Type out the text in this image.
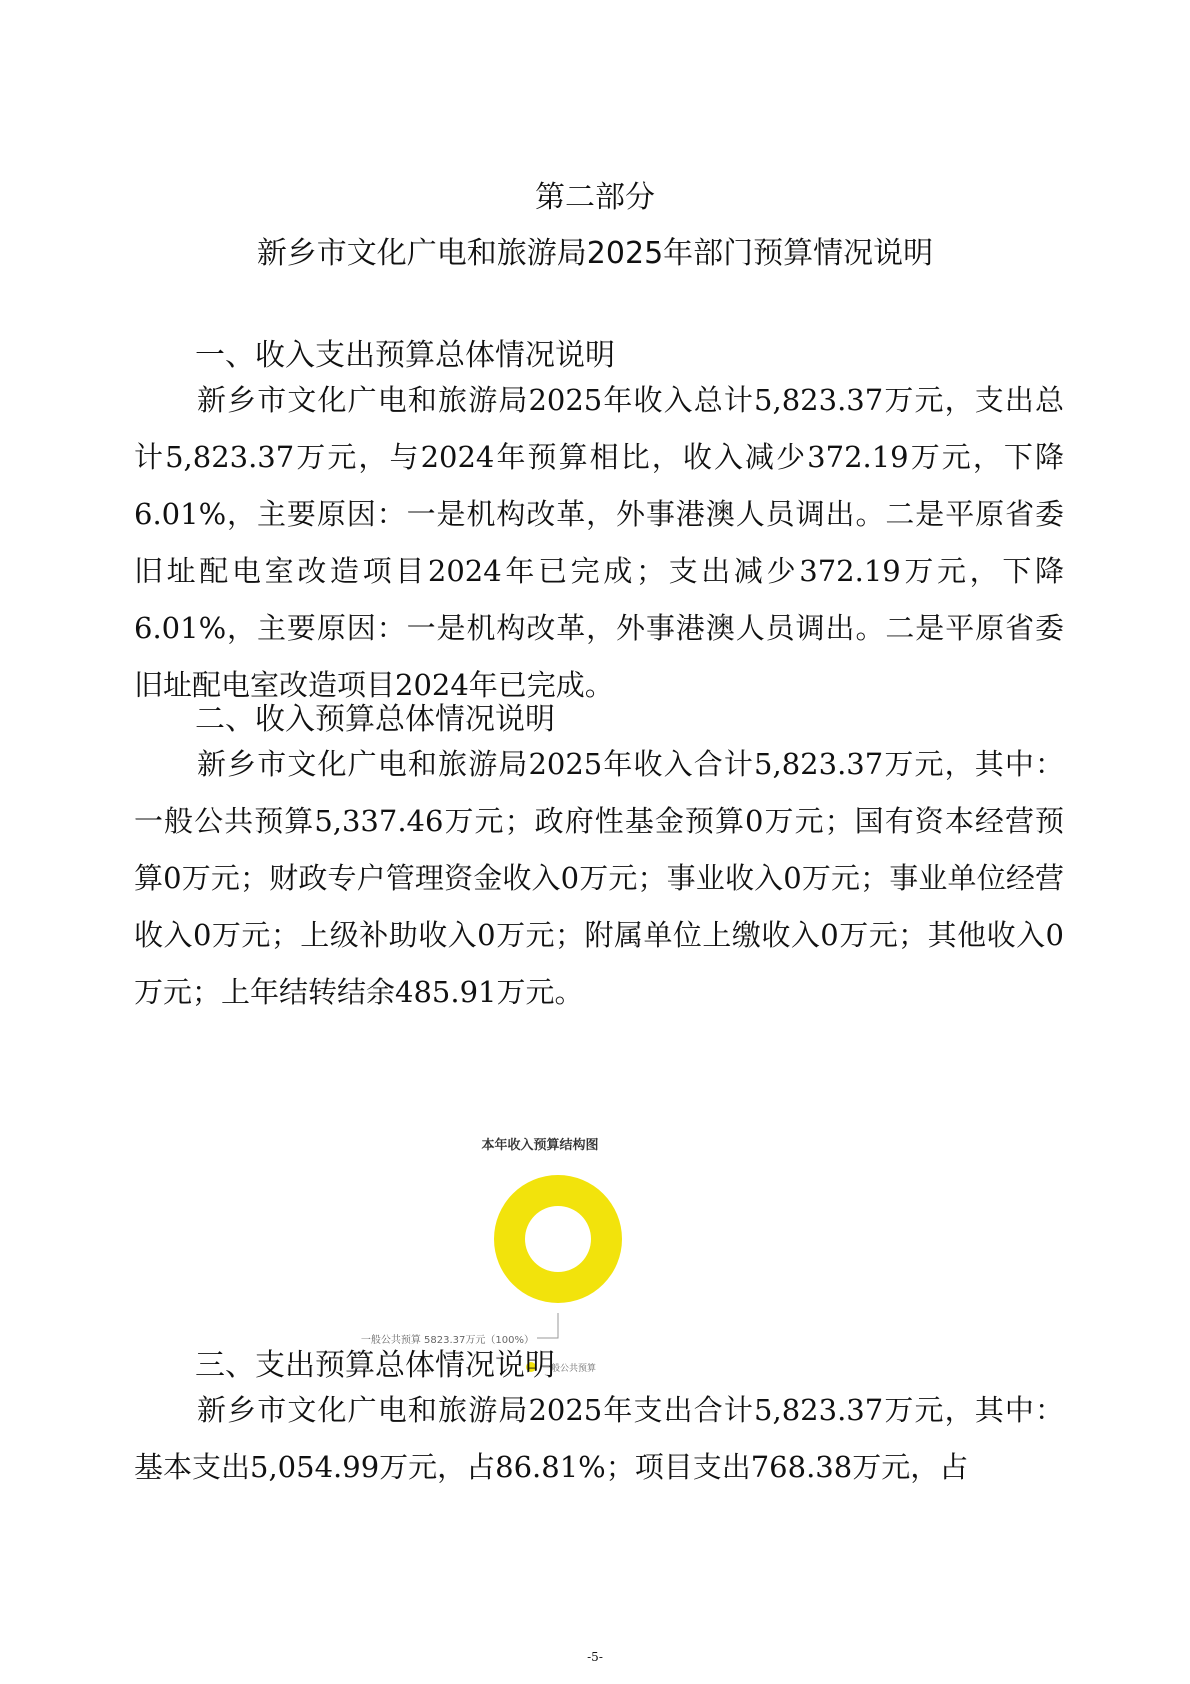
第二部分
新乡市文化广电和旅游局2025年部门预算情况说明
一、收入支出预算总体情况说明
新乡市文化广电和旅游局2025年收入总计5,823.37万元，支出总计5,823.37万元，与2024年预算相比，收入减少372.19万元，下降6.01%，主要原因：一是机构改革，外事港澳人员调出。二是平原省委旧址配电室改造项目2024年已完成；支出减少372.19万元，下降6.01%，主要原因：一是机构改革，外事港澳人员调出。二是平原省委旧址配电室改造项目2024年已完成。
二、收入预算总体情况说明
新乡市文化广电和旅游局2025年收入合计5,823.37万元，其中：一般公共预算5,337.46万元；政府性基金预算0万元；国有资本经营预算0万元；财政专户管理资金收入0万元；事业收入0万元；事业单位经营收入0万元；上级补助收入0万元；附属单位上缴收入0万元；其他收入0万元；上年结转结余485.91万元。
本年收入预算结构图
一般公共预算 5823.37万元（100%）
一般公共预算
三、支出预算总体情况说明
新乡市文化广电和旅游局2025年支出合计5,823.37万元，其中：基本支出5,054.99万元，占86.81%；项目支出768.38万元，占
-5-
